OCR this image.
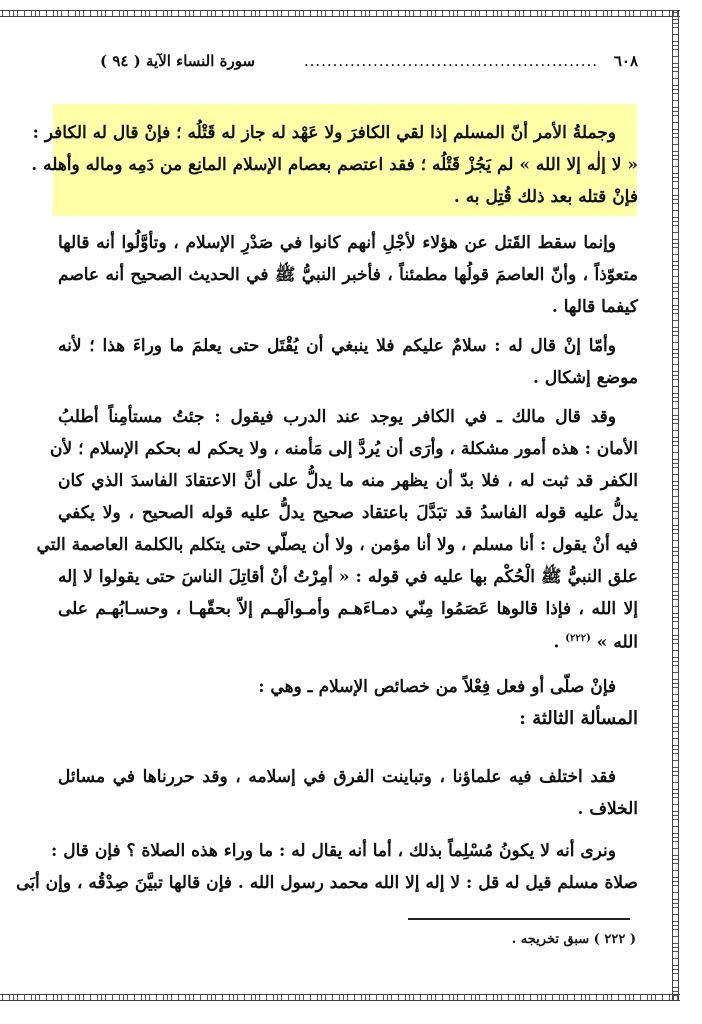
٦٠٨
...................................................
سورة النساء الآية ( ٩٤ )
وجملةُ الأمر أنّ المسلم إذا لقي الكافرَ ولا عَهْد له جاز له قَتْلُه ؛ فإنْ قال له الكافر :
« لا إلٰه إلا الله » لم يَجُزْ قَتْلُه ؛ فقد اعتصم بعصام الإسلام المانِع من دَمِه وماله وأهله .
فإنْ قتله بعد ذلك قُتِل به .
وإنما سقط القَتل عن هؤلاء لأجْلِ أنهم كانوا في صَدْرِ الإسلام ، وتأوَّلُوا أنه قالها
متعوّذاً ، وأنّ العاصمَ قولُها مطمئناً ، فأخبر النبيُّ ﷺ في الحديث الصحيح أنه عاصم
كيفما قالها .
وأمّا إنْ قال له : سلامٌ عليكم فلا ينبغي أن يُقْتَل حتى يعلمَ ما وراءَ هذا ؛ لأنه
موضع إشكال .
وقد قال مالك ـ في الكافر يوجد عند الدرب فيقول : جئتُ مستأمِناً أطلبُ
الأمان : هذه أمور مشكلة ، وأرَى أن يُردَّ إلى مَأمنه ، ولا يحكم له بحكم الإسلام ؛ لأن
الكفر قد ثبت له ، فلا بدّ أن يظهر منه ما يدلُّ على أنَّ الاعتقادَ الفاسدَ الذي كان
يدلُّ عليه قوله الفاسدُ قد تبَدَّلَ باعتقاد صحيح يدلُّ عليه قوله الصحيح ، ولا يكفي
فيه أنْ يقول : أنا مسلم ، ولا أنا مؤمن ، ولا أن يصلّي حتى يتكلم بالكلمة العاصمة التي
علق النبيُّ ﷺ الْحُكْم بها عليه في قوله : « أمِرْتُ أنْ أقاتِلَ الناسَ حتى يقولوا لا إله
إلا الله ، فإذا قالوها عَصَمُوا مِنّي دمـاءَهـم وأمـوالَهـم إلاّ بحقّهـا ، وحسـابُهـم على
الله » $^{(٢٢٢)}$ .
فإنْ صلّى أو فعل فِعْلاً من خصائص الإسلام ـ وهي :
المسألة الثالثة :
فقد اختلف فيه علماؤنا ، وتباينت الفرق في إسلامه ، وقد حررناها في مسائل
الخلاف .
ونرى أنه لا يكونُ مُسْلِماً بذلك ، أما أنه يقال له : ما وراء هذه الصلاة ؟ فإن قال :
صلاة مسلم قيل له قل : لا إله إلا الله محمد رسول الله . فإن قالها تبيَّنَ صِدْقُه ، وإن أبَى
( ٢٢٢ ) سبق تخريجه .
